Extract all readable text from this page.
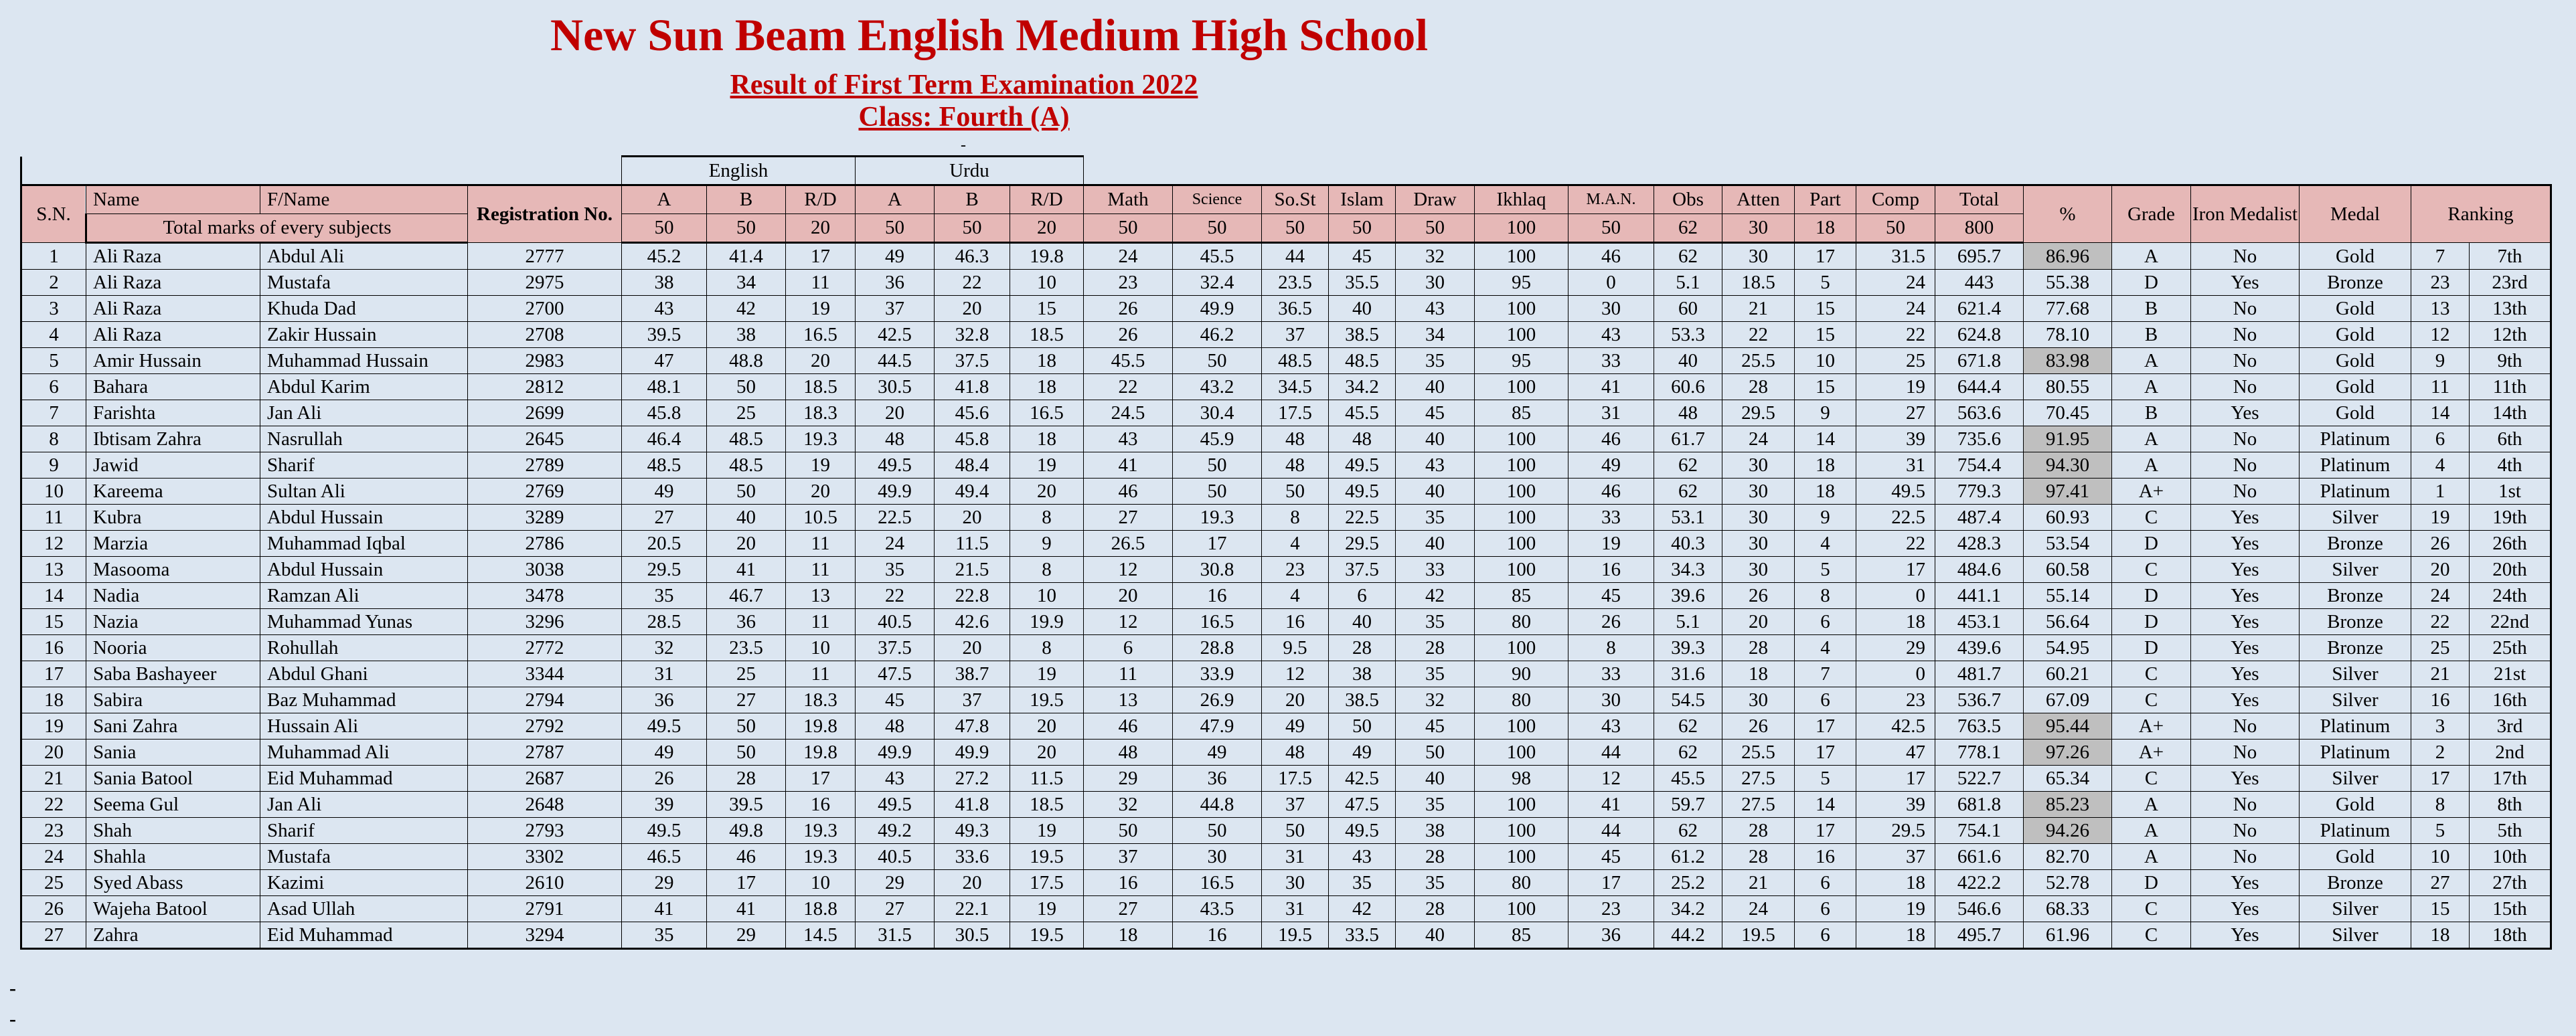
New Sun Beam English Medium High School
Result of First Term Examination 2022
Class: Fourth (A)
-
				English			Urdu																				
S.N.	Name	F/Name	Registration No.	A	B	R/D	A	B	R/D	Math	Science	So.St	Islam	Draw	Ikhlaq	M.A.N.	Obs	Atten	Part	Comp	Total	%	Grade	Iron Medalist	Medal	Ranking	
	Total marks of every subjects			50	50	20	50	50	20	50	50	50	50	50	100	50	62	30	18	50	800						
1	Ali Raza	Abdul Ali	2777	45.2	41.4	17	49	46.3	19.8	24	45.5	44	45	32	100	46	62	30	17	31.5	695.7	86.96	A	No	Gold	7	7th
2	Ali Raza	Mustafa	2975	38	34	11	36	22	10	23	32.4	23.5	35.5	30	95	0	5.1	18.5	5	24	443	55.38	D	Yes	Bronze	23	23rd
3	Ali Raza	Khuda Dad	2700	43	42	19	37	20	15	26	49.9	36.5	40	43	100	30	60	21	15	24	621.4	77.68	B	No	Gold	13	13th
4	Ali Raza	Zakir Hussain	2708	39.5	38	16.5	42.5	32.8	18.5	26	46.2	37	38.5	34	100	43	53.3	22	15	22	624.8	78.10	B	No	Gold	12	12th
5	Amir Hussain	Muhammad Hussain	2983	47	48.8	20	44.5	37.5	18	45.5	50	48.5	48.5	35	95	33	40	25.5	10	25	671.8	83.98	A	No	Gold	9	9th
6	Bahara	Abdul Karim	2812	48.1	50	18.5	30.5	41.8	18	22	43.2	34.5	34.2	40	100	41	60.6	28	15	19	644.4	80.55	A	No	Gold	11	11th
7	Farishta	Jan Ali	2699	45.8	25	18.3	20	45.6	16.5	24.5	30.4	17.5	45.5	45	85	31	48	29.5	9	27	563.6	70.45	B	Yes	Gold	14	14th
8	Ibtisam Zahra	Nasrullah	2645	46.4	48.5	19.3	48	45.8	18	43	45.9	48	48	40	100	46	61.7	24	14	39	735.6	91.95	A	No	Platinum	6	6th
9	Jawid	Sharif	2789	48.5	48.5	19	49.5	48.4	19	41	50	48	49.5	43	100	49	62	30	18	31	754.4	94.30	A	No	Platinum	4	4th
10	Kareema	Sultan Ali	2769	49	50	20	49.9	49.4	20	46	50	50	49.5	40	100	46	62	30	18	49.5	779.3	97.41	A+	No	Platinum	1	1st
11	Kubra	Abdul Hussain	3289	27	40	10.5	22.5	20	8	27	19.3	8	22.5	35	100	33	53.1	30	9	22.5	487.4	60.93	C	Yes	Silver	19	19th
12	Marzia	Muhammad Iqbal	2786	20.5	20	11	24	11.5	9	26.5	17	4	29.5	40	100	19	40.3	30	4	22	428.3	53.54	D	Yes	Bronze	26	26th
13	Masooma	Abdul Hussain	3038	29.5	41	11	35	21.5	8	12	30.8	23	37.5	33	100	16	34.3	30	5	17	484.6	60.58	C	Yes	Silver	20	20th
14	Nadia	Ramzan Ali	3478	35	46.7	13	22	22.8	10	20	16	4	6	42	85	45	39.6	26	8	0	441.1	55.14	D	Yes	Bronze	24	24th
15	Nazia	Muhammad Yunas	3296	28.5	36	11	40.5	42.6	19.9	12	16.5	16	40	35	80	26	5.1	20	6	18	453.1	56.64	D	Yes	Bronze	22	22nd
16	Nooria	Rohullah	2772	32	23.5	10	37.5	20	8	6	28.8	9.5	28	28	100	8	39.3	28	4	29	439.6	54.95	D	Yes	Bronze	25	25th
17	Saba Bashayeer	Abdul Ghani	3344	31	25	11	47.5	38.7	19	11	33.9	12	38	35	90	33	31.6	18	7	0	481.7	60.21	C	Yes	Silver	21	21st
18	Sabira	Baz Muhammad	2794	36	27	18.3	45	37	19.5	13	26.9	20	38.5	32	80	30	54.5	30	6	23	536.7	67.09	C	Yes	Silver	16	16th
19	Sani Zahra	Hussain Ali	2792	49.5	50	19.8	48	47.8	20	46	47.9	49	50	45	100	43	62	26	17	42.5	763.5	95.44	A+	No	Platinum	3	3rd
20	Sania	Muhammad Ali	2787	49	50	19.8	49.9	49.9	20	48	49	48	49	50	100	44	62	25.5	17	47	778.1	97.26	A+	No	Platinum	2	2nd
21	Sania Batool	Eid Muhammad	2687	26	28	17	43	27.2	11.5	29	36	17.5	42.5	40	98	12	45.5	27.5	5	17	522.7	65.34	C	Yes	Silver	17	17th
22	Seema Gul	Jan Ali	2648	39	39.5	16	49.5	41.8	18.5	32	44.8	37	47.5	35	100	41	59.7	27.5	14	39	681.8	85.23	A	No	Gold	8	8th
23	Shah	Sharif	2793	49.5	49.8	19.3	49.2	49.3	19	50	50	50	49.5	38	100	44	62	28	17	29.5	754.1	94.26	A	No	Platinum	5	5th
24	Shahla	Mustafa	3302	46.5	46	19.3	40.5	33.6	19.5	37	30	31	43	28	100	45	61.2	28	16	37	661.6	82.70	A	No	Gold	10	10th
25	Syed Abass	Kazimi	2610	29	17	10	29	20	17.5	16	16.5	30	35	35	80	17	25.2	21	6	18	422.2	52.78	D	Yes	Bronze	27	27th
26	Wajeha Batool	Asad Ullah	2791	41	41	18.8	27	22.1	19	27	43.5	31	42	28	100	23	34.2	24	6	19	546.6	68.33	C	Yes	Silver	15	15th
27	Zahra	Eid Muhammad	3294	35	29	14.5	31.5	30.5	19.5	18	16	19.5	33.5	40	85	36	44.2	19.5	6	18	495.7	61.96	C	Yes	Silver	18	18th
-
-
